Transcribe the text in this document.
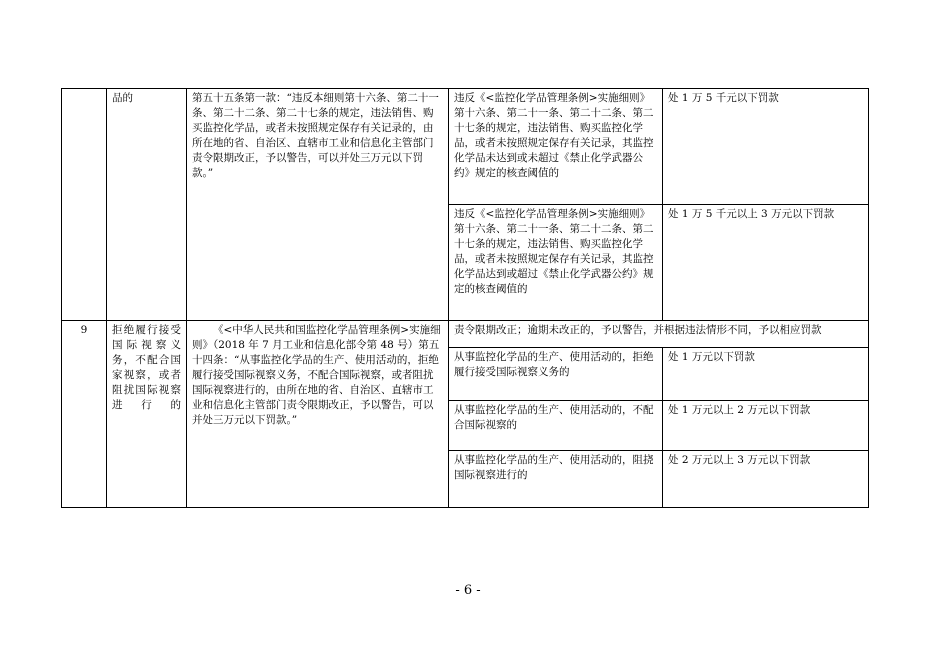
	品的	第五十五条第一款：“违反本细则第十六条、第二十一条、第二十二条、第二十七条的规定，违法销售、购买监控化学品，或者未按照规定保存有关记录的，由所在地的省、自治区、直辖市工业和信息化主管部门责令限期改正，予以警告，可以并处三万元以下罚款。”	违反《<监控化学品管理条例>实施细则》第十六条、第二十一条、第二十二条、第二十七条的规定，违法销售、购买监控化学品，或者未按照规定保存有关记录，其监控化学品未达到或未超过《禁止化学武器公约》规定的核查阈值的	处 1 万 5 千元以下罚款
			违反《<监控化学品管理条例>实施细则》第十六条、第二十一条、第二十二条、第二十七条的规定，违法销售、购买监控化学品，或者未按照规定保存有关记录，其监控化学品达到或超过《禁止化学武器公约》规定的核查阈值的	处 1 万 5 千元以上 3 万元以下罚款
9	拒绝履行接受国际视察义务，不配合国家视察，或者阻扰国际视察进行的	《<中华人民共和国监控化学品管理条例>实施细则》（2018 年 7 月工业和信息化部令第 48 号）第五十四条：“从事监控化学品的生产、使用活动的，拒绝履行接受国际视察义务，不配合国际视察，或者阻扰国际视察进行的，由所在地的省、自治区、直辖市工业和信息化主管部门责令限期改正，予以警告，可以并处三万元以下罚款。”	责令限期改正；逾期未改正的，予以警告，并根据违法情形不同，予以相应罚款	
			从事监控化学品的生产、使用活动的，拒绝履行接受国际视察义务的	处 1 万元以下罚款
			从事监控化学品的生产、使用活动的，不配合国际视察的	处 1 万元以上 2 万元以下罚款
			从事监控化学品的生产、使用活动的，阻挠国际视察进行的	处 2 万元以上 3 万元以下罚款
- 6 -
